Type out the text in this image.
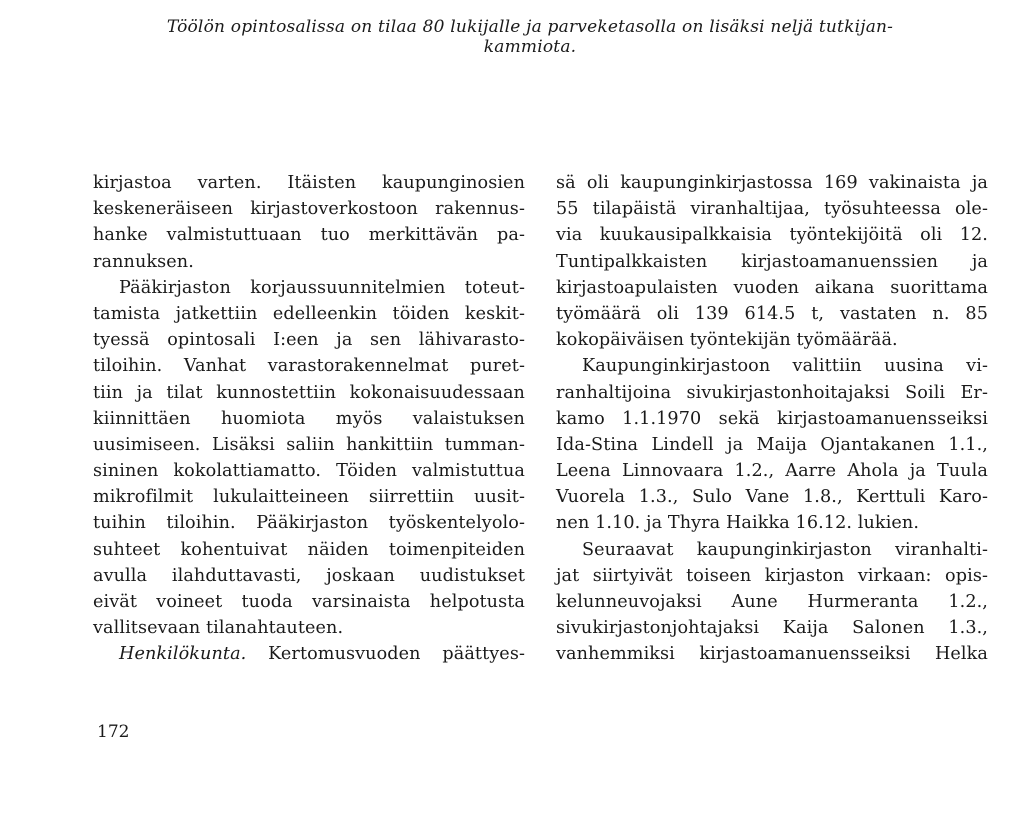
Töölön opintosalissa on tilaa 80 lukijalle ja parveketasolla on lisäksi neljä tutkijan-
kammiota.
kirjastoa varten. Itäisten kaupunginosien
keskeneräiseen kirjastoverkostoon rakennus-
hanke valmistuttuaan tuo merkittävän pa-
rannuksen.
Pääkirjaston korjaussuunnitelmien toteut-
tamista jatkettiin edelleenkin töiden keskit-
tyessä opintosali I:een ja sen lähivarasto-
tiloihin. Vanhat varastorakennelmat puret-
tiin ja tilat kunnostettiin kokonaisuudessaan
kiinnittäen huomiota myös valaistuksen
uusimiseen. Lisäksi saliin hankittiin tumman-
sininen kokolattiamatto. Töiden valmistuttua
mikrofilmit lukulaitteineen siirrettiin uusit-
tuihin tiloihin. Pääkirjaston työskentelyolo-
suhteet kohentuivat näiden toimenpiteiden
avulla ilahduttavasti, joskaan uudistukset
eivät voineet tuoda varsinaista helpotusta
vallitsevaan tilanahtauteen.
Henkilökunta. Kertomusvuoden päättyes-
sä oli kaupunginkirjastossa 169 vakinaista ja
55 tilapäistä viranhaltijaa, työsuhteessa ole-
via kuukausipalkkaisia työntekijöitä oli 12.
Tuntipalkkaisten kirjastoamanuenssien ja
kirjastoapulaisten vuoden aikana suorittama
työmäärä oli 139 614.5 t, vastaten n. 85
kokopäiväisen työntekijän työmäärää.
Kaupunginkirjastoon valittiin uusina vi-
ranhaltijoina sivukirjastonhoitajaksi Soili Er-
kamo 1.1.1970 sekä kirjastoamanuensseiksi
Ida-Stina Lindell ja Maija Ojantakanen 1.1.,
Leena Linnovaara 1.2., Aarre Ahola ja Tuula
Vuorela 1.3., Sulo Vane 1.8., Kerttuli Karo-
nen 1.10. ja Thyra Haikka 16.12. lukien.
Seuraavat kaupunginkirjaston viranhalti-
jat siirtyivät toiseen kirjaston virkaan: opis-
kelunneuvojaksi Aune Hurmeranta 1.2.,
sivukirjastonjohtajaksi Kaija Salonen 1.3.,
vanhemmiksi kirjastoamanuensseiksi Helka
172
